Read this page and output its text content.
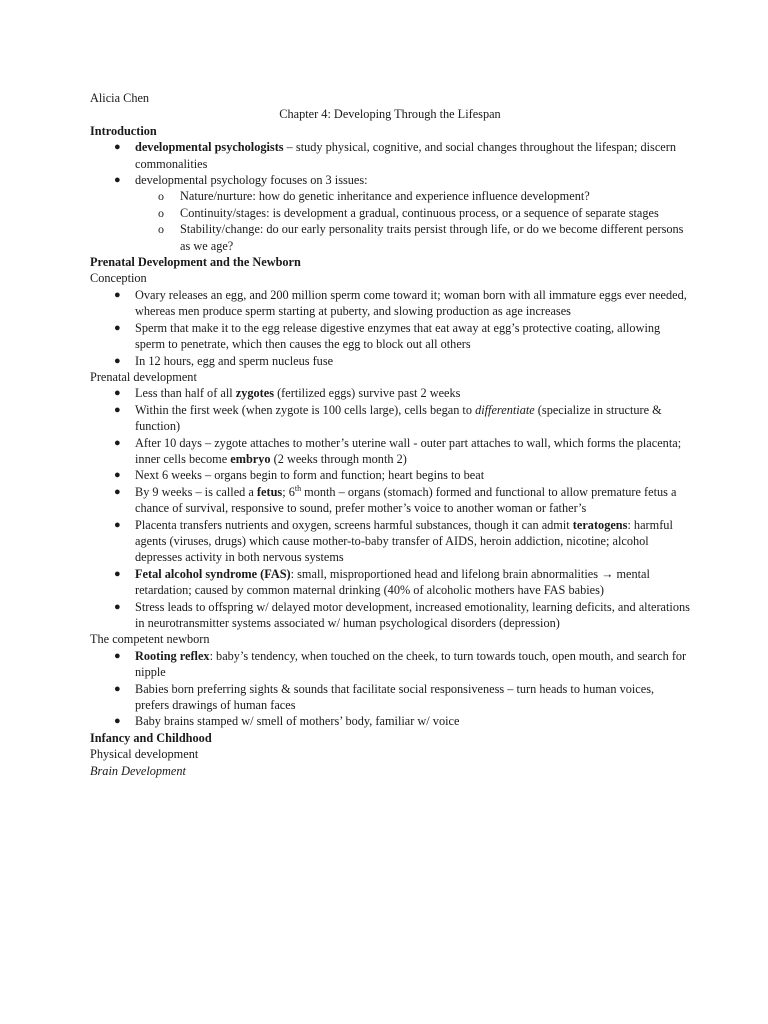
Alicia Chen
Chapter 4: Developing Through the Lifespan
Introduction
● developmental psychologists – study physical, cognitive, and social changes throughout the lifespan; discern commonalities
● developmental psychology focuses on 3 issues:
o Nature/nurture: how do genetic inheritance and experience influence development?
o Continuity/stages: is development a gradual, continuous process, or a sequence of separate stages
o Stability/change: do our early personality traits persist through life, or do we become different persons as we age?
Prenatal Development and the Newborn
Conception
● Ovary releases an egg, and 200 million sperm come toward it; woman born with all immature eggs ever needed, whereas men produce sperm starting at puberty, and slowing production as age increases
● Sperm that make it to the egg release digestive enzymes that eat away at egg’s protective coating, allowing sperm to penetrate, which then causes the egg to block out all others
● In 12 hours, egg and sperm nucleus fuse
Prenatal development
● Less than half of all zygotes (fertilized eggs) survive past 2 weeks
● Within the first week (when zygote is 100 cells large), cells began to differentiate (specialize in structure & function)
● After 10 days – zygote attaches to mother’s uterine wall - outer part attaches to wall, which forms the placenta; inner cells become embryo (2 weeks through month 2)
● Next 6 weeks – organs begin to form and function; heart begins to beat
● By 9 weeks – is called a fetus; 6th month – organs (stomach) formed and functional to allow premature fetus a chance of survival, responsive to sound, prefer mother’s voice to another woman or father’s
● Placenta transfers nutrients and oxygen, screens harmful substances, though it can admit teratogens: harmful agents (viruses, drugs) which cause mother-to-baby transfer of AIDS, heroin addiction, nicotine; alcohol depresses activity in both nervous systems
● Fetal alcohol syndrome (FAS): small, misproportioned head and lifelong brain abnormalities → mental retardation; caused by common maternal drinking (40% of alcoholic mothers have FAS babies)
● Stress leads to offspring w/ delayed motor development, increased emotionality, learning deficits, and alterations in neurotransmitter systems associated w/ human psychological disorders (depression)
The competent newborn
● Rooting reflex: baby’s tendency, when touched on the cheek, to turn towards touch, open mouth, and search for nipple
● Babies born preferring sights & sounds that facilitate social responsiveness – turn heads to human voices, prefers drawings of human faces
● Baby brains stamped w/ smell of mothers’ body, familiar w/ voice
Infancy and Childhood
Physical development
Brain Development
